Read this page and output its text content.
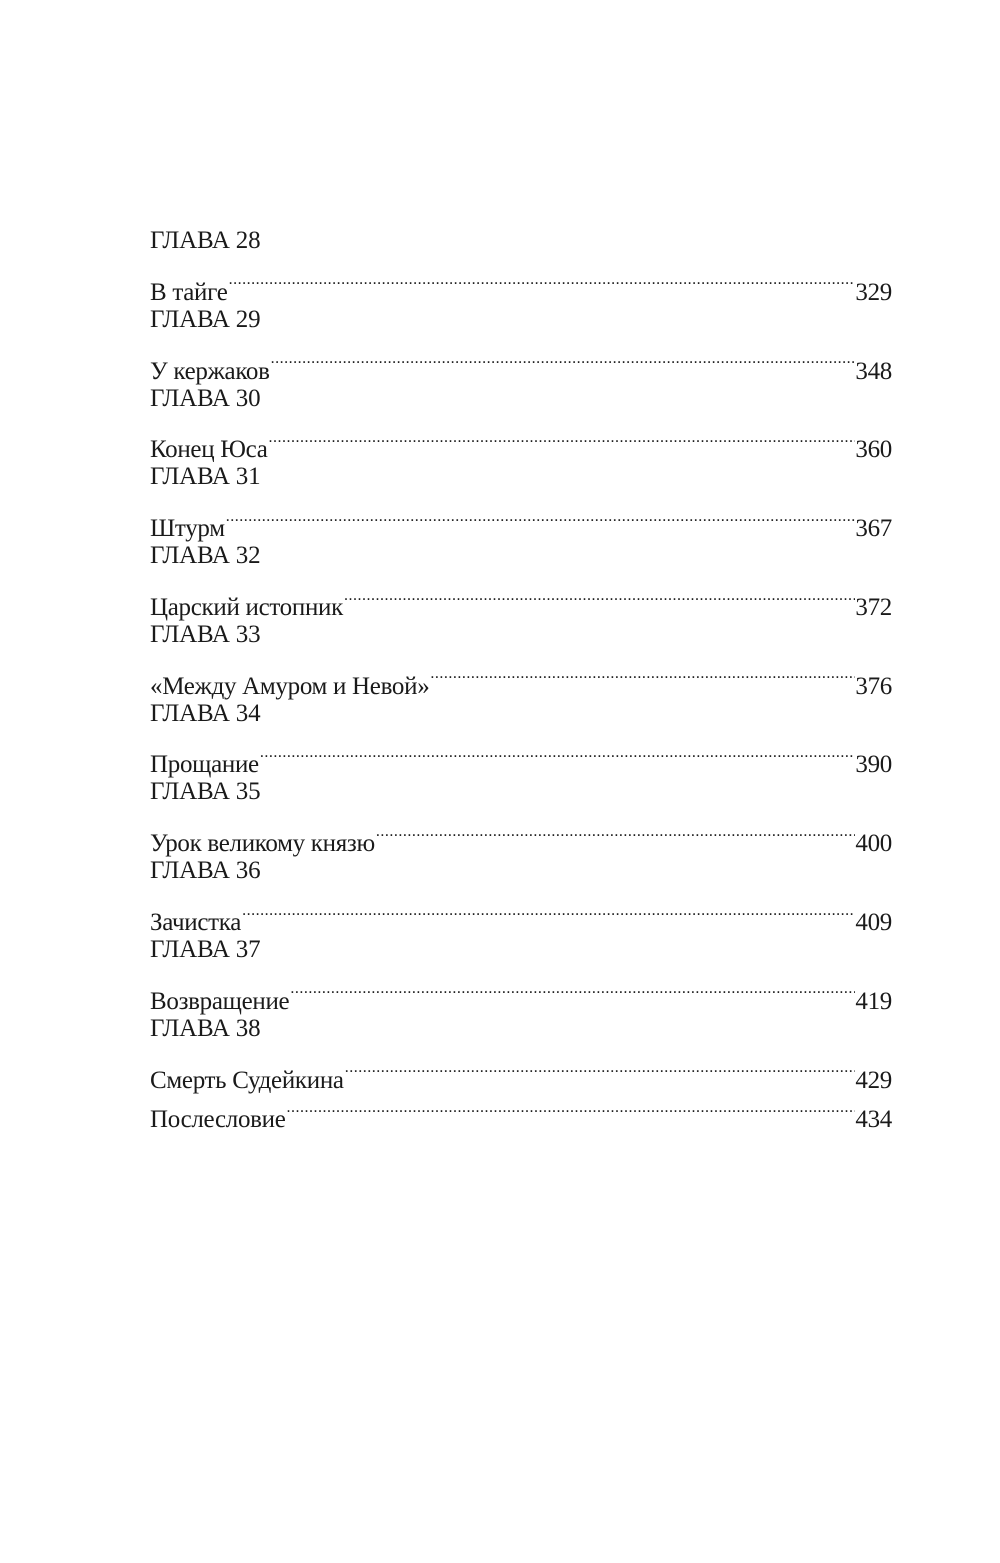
ГЛАВА 28
В тайге .....	329
ГЛАВА 29
У кержаков .....	348
ГЛАВА 30
Конец Юса .....	360
ГЛАВА 31
Штурм .....	367
ГЛАВА 32
Царский истопник .....	372
ГЛАВА 33
«Между Амуром и Невой» .....	376
ГЛАВА 34
Прощание .....	390
ГЛАВА 35
Урок великому князю .....	400
ГЛАВА 36
Зачистка .....	409
ГЛАВА 37
Возвращение .....	419
ГЛАВА 38
Смерть Судейкина .....	429
Послесловие .....	434
